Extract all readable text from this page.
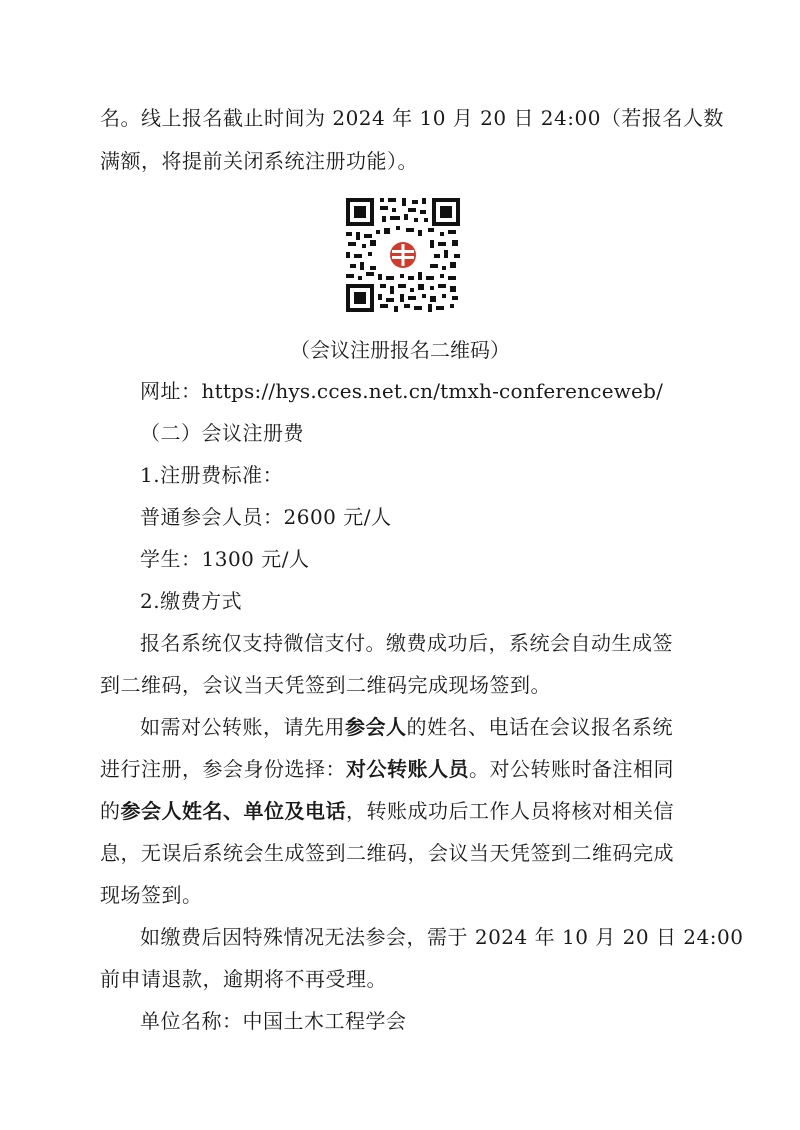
名。线上报名截止时间为 2024 年 10 月 20 日 24:00（若报名人数
满额，将提前关闭系统注册功能）。
（会议注册报名二维码）
网址：https://hys.cces.net.cn/tmxh-conferenceweb/
（二）会议注册费
1.注册费标准：
普通参会人员：2600 元/人
学生：1300 元/人
2.缴费方式
报名系统仅支持微信支付。缴费成功后，系统会自动生成签
到二维码，会议当天凭签到二维码完成现场签到。
如需对公转账，请先用参会人的姓名、电话在会议报名系统
进行注册，参会身份选择：对公转账人员。对公转账时备注相同
的参会人姓名、单位及电话，转账成功后工作人员将核对相关信
息，无误后系统会生成签到二维码，会议当天凭签到二维码完成
现场签到。
如缴费后因特殊情况无法参会，需于 2024 年 10 月 20 日 24:00
前申请退款，逾期将不再受理。
单位名称：中国土木工程学会
